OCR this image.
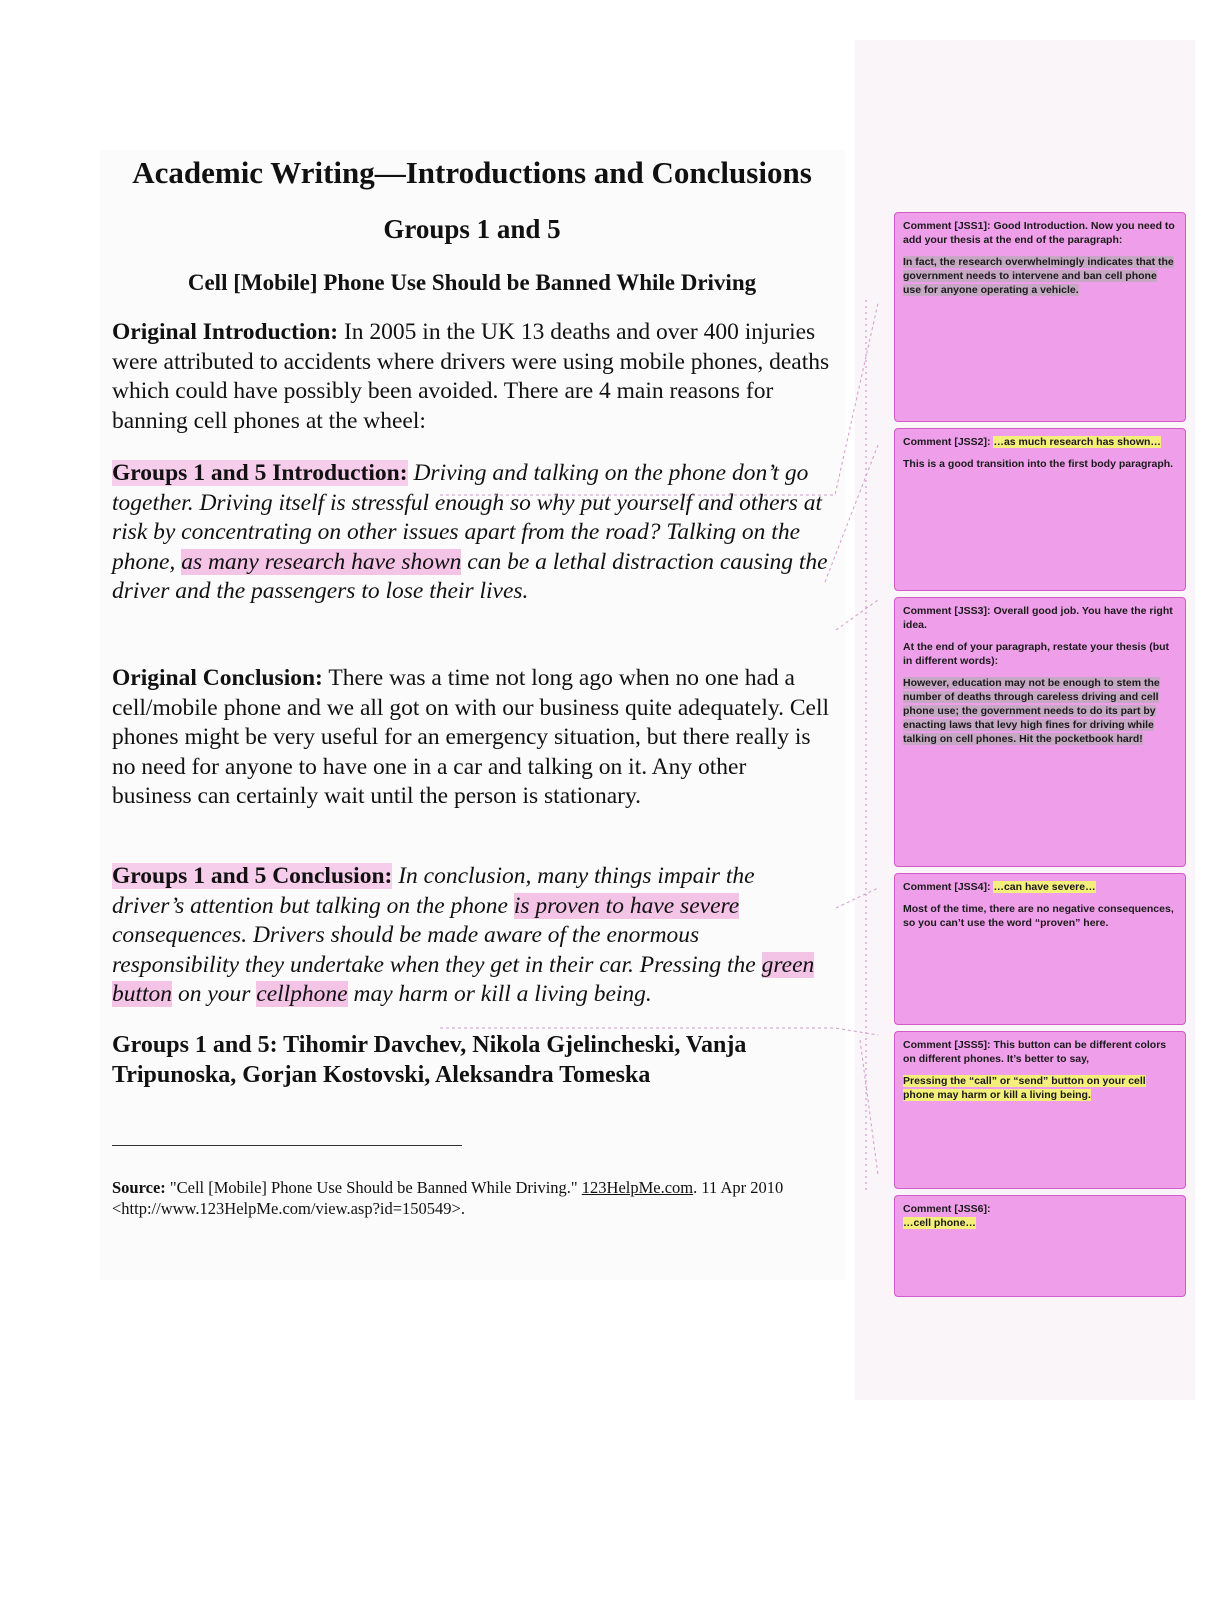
Academic Writing—Introductions and Conclusions
Groups 1 and 5
Cell [Mobile] Phone Use Should be Banned While Driving

Original Introduction: In 2005 in the UK 13 deaths and over 400 injuries were attributed to accidents where drivers were using mobile phones, deaths which could have possibly been avoided. There are 4 main reasons for banning cell phones at the wheel:

Groups 1 and 5 Introduction: Driving and talking on the phone don’t go together. Driving itself is stressful enough so why put yourself and others at risk by concentrating on other issues apart from the road? Talking on the phone, as many research have shown can be a lethal distraction causing the driver and the passengers to lose their lives.

Original Conclusion: There was a time not long ago when no one had a cell/mobile phone and we all got on with our business quite adequately. Cell phones might be very useful for an emergency situation, but there really is no need for anyone to have one in a car and talking on it. Any other business can certainly wait until the person is stationary.

Groups 1 and 5 Conclusion: In conclusion, many things impair the driver’s attention but talking on the phone is proven to have severe consequences. Drivers should be made aware of the enormous responsibility they undertake when they get in their car. Pressing the green button on your cellphone may harm or kill a living being.

Groups 1 and 5: Tihomir Davchev, Nikola Gjelincheski, Vanja Tripunoska, Gorjan Kostovski, Aleksandra Tomeska

Source: "Cell [Mobile] Phone Use Should be Banned While Driving." 123HelpMe.com. 11 Apr 2010 <http://www.123HelpMe.com/view.asp?id=150549>.

Comment [JSS1]: Good Introduction. Now you need to add your thesis at the end of the paragraph:

In fact, the research overwhelmingly indicates that the government needs to intervene and ban cell phone use for anyone operating a vehicle.

Comment [JSS2]: …as much research has shown…

This is a good transition into the first body paragraph.

Comment [JSS3]: Overall good job. You have the right idea.

At the end of your paragraph, restate your thesis (but in different words):

However, education may not be enough to stem the number of deaths through careless driving and cell phone use; the government needs to do its part by enacting laws that levy high fines for driving while talking on cell phones. Hit the pocketbook hard!

Comment [JSS4]: …can have severe…

Most of the time, there are no negative consequences, so you can’t use the word “proven” here.

Comment [JSS5]: This button can be different colors on different phones. It’s better to say,

Pressing the “call” or “send” button on your cell phone may harm or kill a living being.

Comment [JSS6]:
…cell phone…
